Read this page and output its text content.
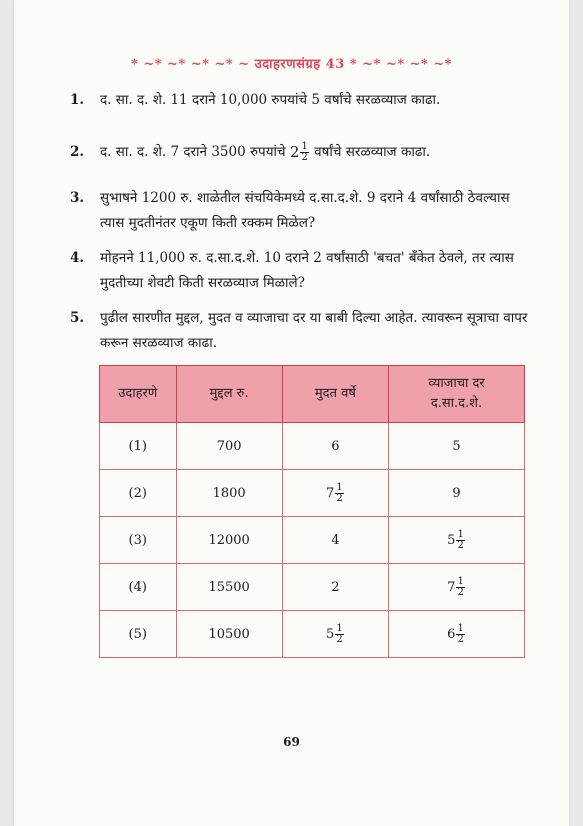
* ~* ~* ~* ~* ~ उदाहरणसंग्रह 43 * ~* ~* ~* ~*
1. द. सा. द. शे. 11 दराने 10,000 रुपयांचे 5 वर्षांचे सरळव्याज काढा.
2. द. सा. द. शे. 7 दराने 3500 रुपयांचे $2 \frac{1}{2}$ वर्षांचे सरळव्याज काढा.
3. सुभाषने 1200 रु. शाळेतील संचयिकेमध्ये द.सा.द.शे. 9 दराने 4 वर्षांसाठी ठेवल्यास त्यास मुदतीनंतर एकूण किती रक्कम मिळेल?
4. मोहनने 11,000 रु. द.सा.द.शे. 10 दराने 2 वर्षांसाठी 'बचत' बँकेत ठेवले, तर त्यास मुदतीच्या शेवटी किती सरळव्याज मिळाले?
5. पुढील सारणीत मुद्दल, मुदत व व्याजाचा दर या बाबी दिल्या आहेत. त्यावरून सूत्राचा वापर करून सरळव्याज काढा.
उदाहरणे	मुद्दल रु.	मुदत वर्षे	व्याजाचा दर
द.सा.द.शे.
(1)	700	6	5
(2)	1800	$7 \frac{1}{2}$	9
(3)	12000	4	$5 \frac{1}{2}$

(4)	15500	2	$7 \frac{1}{2}$

(5)	10500	$5 \frac{1}{2}$	$6 \frac{1}{2}$
69
